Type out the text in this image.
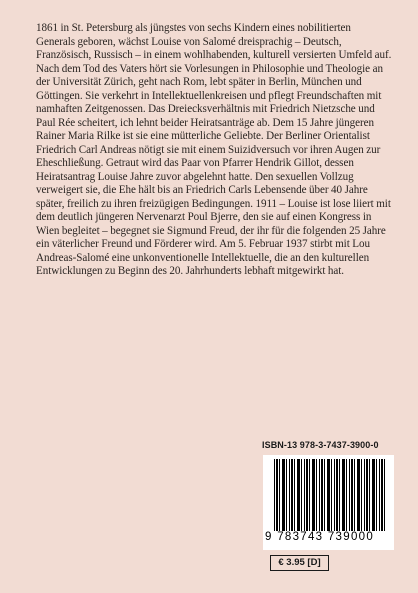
1861 in St. Petersburg als jüngstes von sechs Kindern eines nobilitierten Generals geboren, wächst Louise von Salomé dreisprachig – Deutsch, Französisch, Russisch – in einem wohlhabenden, kulturell versierten Umfeld auf. Nach dem Tod des Vaters hört sie Vorlesungen in Philosophie und Theologie an der Universität Zürich, geht nach Rom, lebt später in Berlin, München und Göttingen. Sie verkehrt in Intellektuellenkreisen und pflegt Freundschaften mit namhaften Zeitgenossen. Das Dreiecksverhältnis mit Friedrich Nietzsche und Paul Rée scheitert, ich lehnt beider Heiratsanträge ab. Dem 15 Jahre jüngeren Rainer Maria Rilke ist sie eine mütterliche Geliebte. Der Berliner Orientalist Friedrich Carl Andreas nötigt sie mit einem Suizidversuch vor ihren Augen zur Eheschließung. Getraut wird das Paar von Pfarrer Hendrik Gillot, dessen Heiratsantrag Louise Jahre zuvor abgelehnt hatte. Den sexuellen Vollzug verweigert sie, die Ehe hält bis an Friedrich Carls Lebensende über 40 Jahre später, freilich zu ihren freizügigen Bedingungen. 1911 – Louise ist lose liiert mit dem deutlich jüngeren Nervenarzt Poul Bjerre, den sie auf einen Kongress in Wien begleitet – begegnet sie Sigmund Freud, der ihr für die folgenden 25 Jahre ein väterlicher Freund und Förderer wird. Am 5. Februar 1937 stirbt mit Lou Andreas-Salomé eine unkonventionelle Intellektuelle, die an den kulturellen Entwicklungen zu Beginn des 20. Jahrhunderts lebhaft mitgewirkt hat.

ISBN-13 978-3-7437-3900-0
9 783743 739000
€ 3.95 [D]
